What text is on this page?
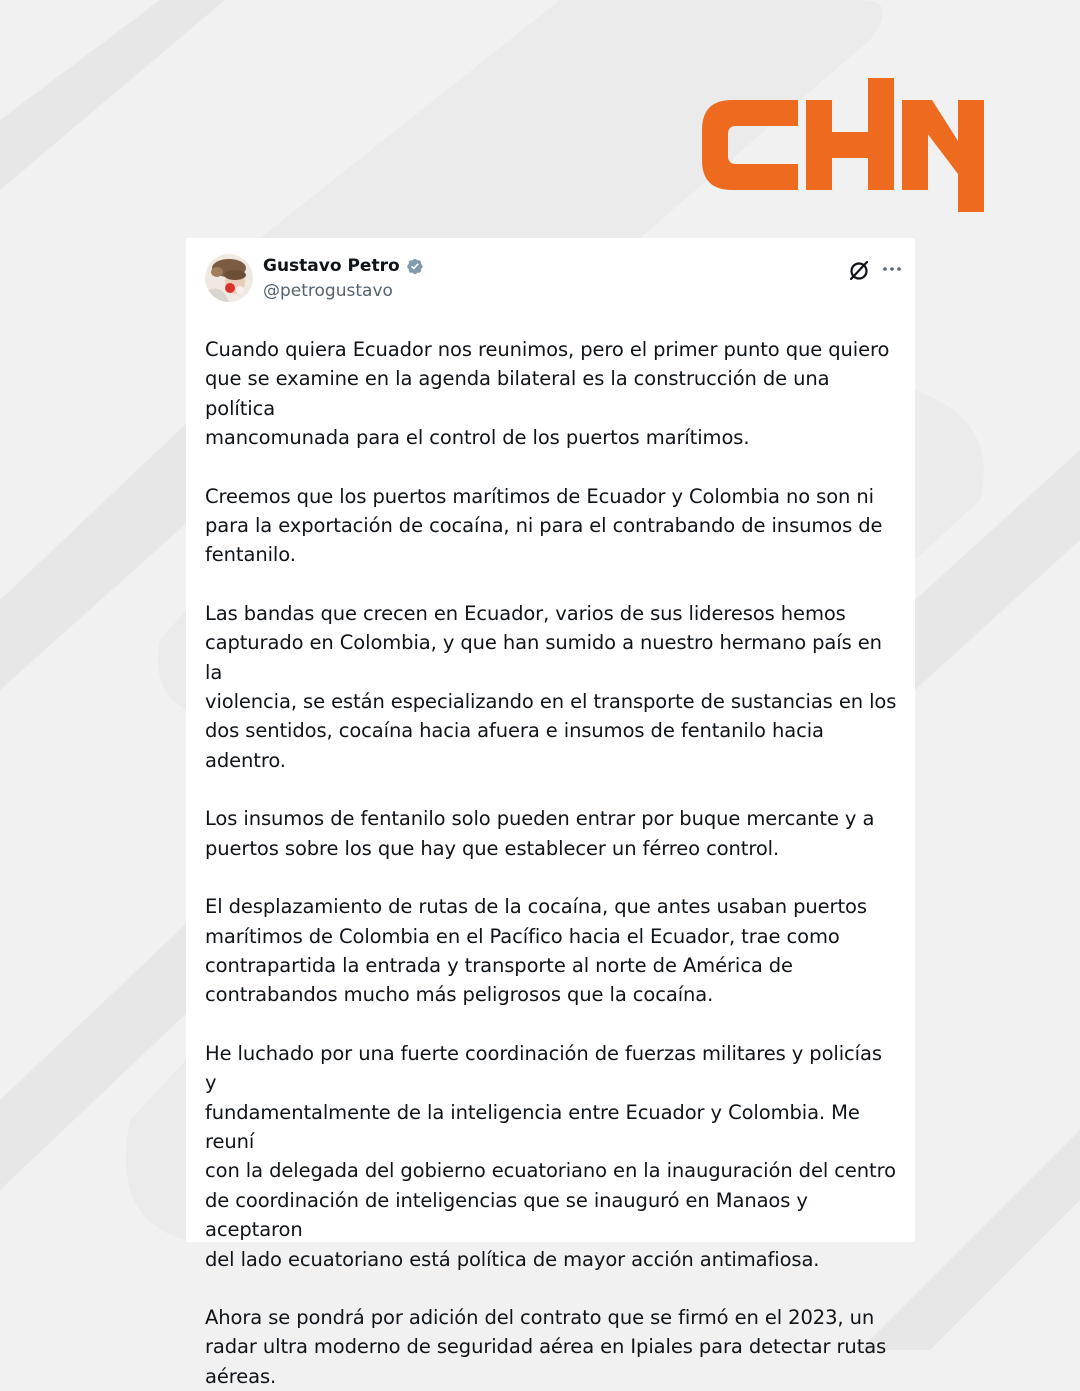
Gustavo Petro
@petrogustavo

Cuando quiera Ecuador nos reunimos, pero el primer punto que quiero
que se examine en la agenda bilateral es la construcción de una política
mancomunada para el control de los puertos marítimos.

Creemos que los puertos marítimos de Ecuador y Colombia no son ni
para la exportación de cocaína, ni para el contrabando de insumos de
fentanilo.

Las bandas que crecen en Ecuador, varios de sus lideresos hemos
capturado en Colombia, y que han sumido a nuestro hermano país en la
violencia, se están especializando en el transporte de sustancias en los
dos sentidos, cocaína hacia afuera e insumos de fentanilo hacia
adentro.

Los insumos de fentanilo solo pueden entrar por buque mercante y a
puertos sobre los que hay que establecer un férreo control.

El desplazamiento de rutas de la cocaína, que antes usaban puertos
marítimos de Colombia en el Pacífico hacia el Ecuador, trae como
contrapartida la entrada y transporte al norte de América de
contrabandos mucho más peligrosos que la cocaína.

He luchado por una fuerte coordinación de fuerzas militares y policías y
fundamentalmente de la inteligencia entre Ecuador y Colombia. Me reuní
con la delegada del gobierno ecuatoriano en la inauguración del centro
de coordinación de inteligencias que se inauguró en Manaos y aceptaron
del lado ecuatoriano está política de mayor acción antimafiosa.

Ahora se pondrá por adición del contrato que se firmó en el 2023, un
radar ultra moderno de seguridad aérea en Ipiales para detectar rutas
aéreas.
